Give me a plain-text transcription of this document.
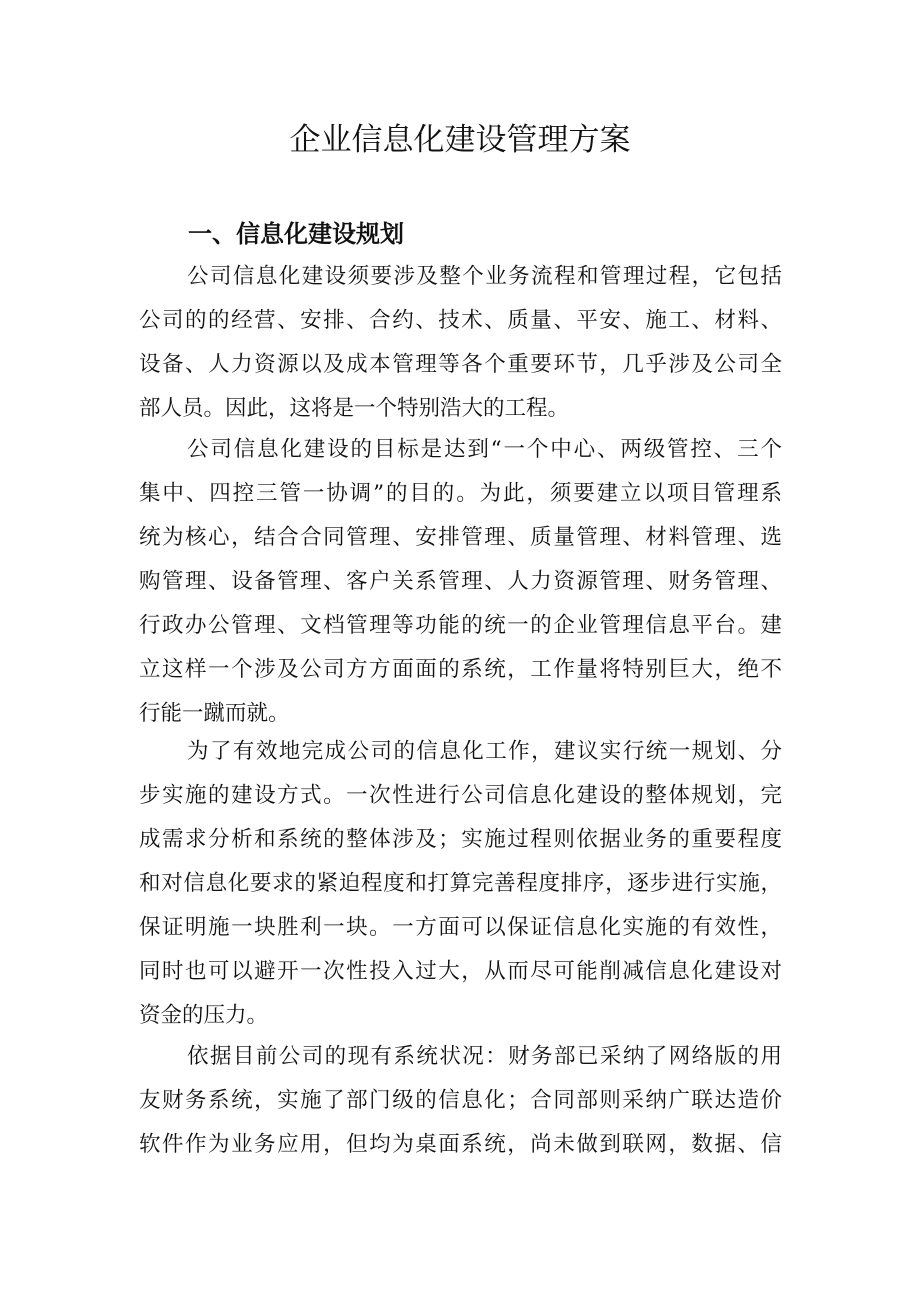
企业信息化建设管理方案
一、信息化建设规划
公司信息化建设须要涉及整个业务流程和管理过程，它包括
公司的的经营、安排、合约、技术、质量、平安、施工、材料、
设备、人力资源以及成本管理等各个重要环节，几乎涉及公司全
部人员。因此，这将是一个特别浩大的工程。
公司信息化建设的目标是达到“一个中心、两级管控、三个
集中、四控三管一协调”的目的。为此，须要建立以项目管理系
统为核心，结合合同管理、安排管理、质量管理、材料管理、选
购管理、设备管理、客户关系管理、人力资源管理、财务管理、
行政办公管理、文档管理等功能的统一的企业管理信息平台。建
立这样一个涉及公司方方面面的系统，工作量将特别巨大，绝不
行能一蹴而就。
为了有效地完成公司的信息化工作，建议实行统一规划、分
步实施的建设方式。一次性进行公司信息化建设的整体规划，完
成需求分析和系统的整体涉及；实施过程则依据业务的重要程度
和对信息化要求的紧迫程度和打算完善程度排序，逐步进行实施，
保证明施一块胜利一块。一方面可以保证信息化实施的有效性，
同时也可以避开一次性投入过大，从而尽可能削减信息化建设对
资金的压力。
依据目前公司的现有系统状况：财务部已采纳了网络版的用
友财务系统，实施了部门级的信息化；合同部则采纳广联达造价
软件作为业务应用，但均为桌面系统，尚未做到联网，数据、信
